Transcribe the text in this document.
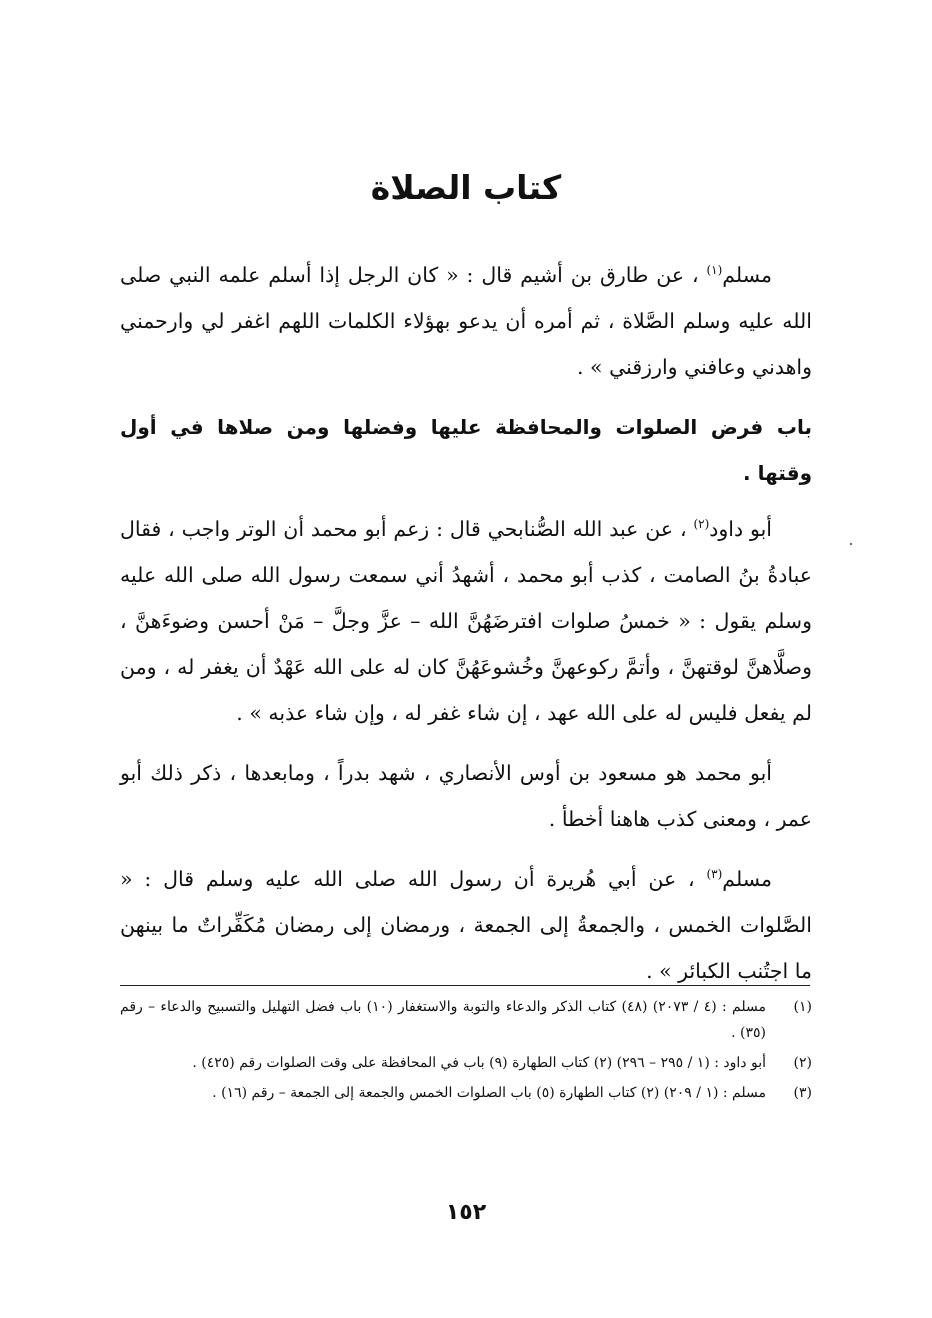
كتاب الصلاة

مسلم$^{(١)}$ ، عن طارق بن أشيم قال : « كان الرجل إذا أسلم علمه النبي صلى الله عليه وسلم الصَّلاة ، ثم أمره أن يدعو بهؤلاء الكلمات اللهم اغفر لي وارحمني واهدني وعافني وارزقني » .

باب فرض الصلوات والمحافظة عليها وفضلها ومن صلاها في أول وقتها .

أبو داود$^{(٢)}$ ، عن عبد الله الصُّنابحي قال : زعم أبو محمد أن الوتر واجب ، فقال عبادةُ بنُ الصامت ، كذب أبو محمد ، أشهدُ أني سمعت رسول الله صلى الله عليه وسلم يقول : « خمسُ صلوات افترضَهُنَّ الله – عزَّ وجلَّ – مَنْ أحسن وضوءَهنَّ ، وصلَّاهنَّ لوقتهنَّ ، وأتمَّ ركوعهنَّ وخُشوعَهُنَّ كان له على الله عَهْدٌ أن يغفر له ، ومن لم يفعل فليس له على الله عهد ، إن شاء غفر له ، وإن شاء عذبه » .

أبو محمد هو مسعود بن أوس الأنصاري ، شهد بدراً ، ومابعدها ، ذكر ذلك أبو عمر ، ومعنى كذب هاهنا أخطأ .

مسلم$^{(٣)}$ ، عن أبي هُريرة أن رسول الله صلى الله عليه وسلم قال : « الصَّلوات الخمس ، والجمعةُ إلى الجمعة ، ورمضان إلى رمضان مُكَفِّراتٌ ما بينهن ما اجتُنب الكبائر » .

(١)
مسلم : (٤ / ٢٠٧٣) (٤٨) كتاب الذكر والدعاء والتوبة والاستغفار (١٠) باب فضل التهليل والتسبيح والدعاء – رقم (٣٥) .
(٢)
أبو داود : (١ / ٢٩٥ – ٢٩٦) (٢) كتاب الطهارة (٩) باب في المحافظة على وقت الصلوات رقم (٤٢٥) .
(٣)
مسلم : (١ / ٢٠٩) (٢) كتاب الطهارة (٥) باب الصلوات الخمس والجمعة إلى الجمعة – رقم (١٦) .
١٥٢
